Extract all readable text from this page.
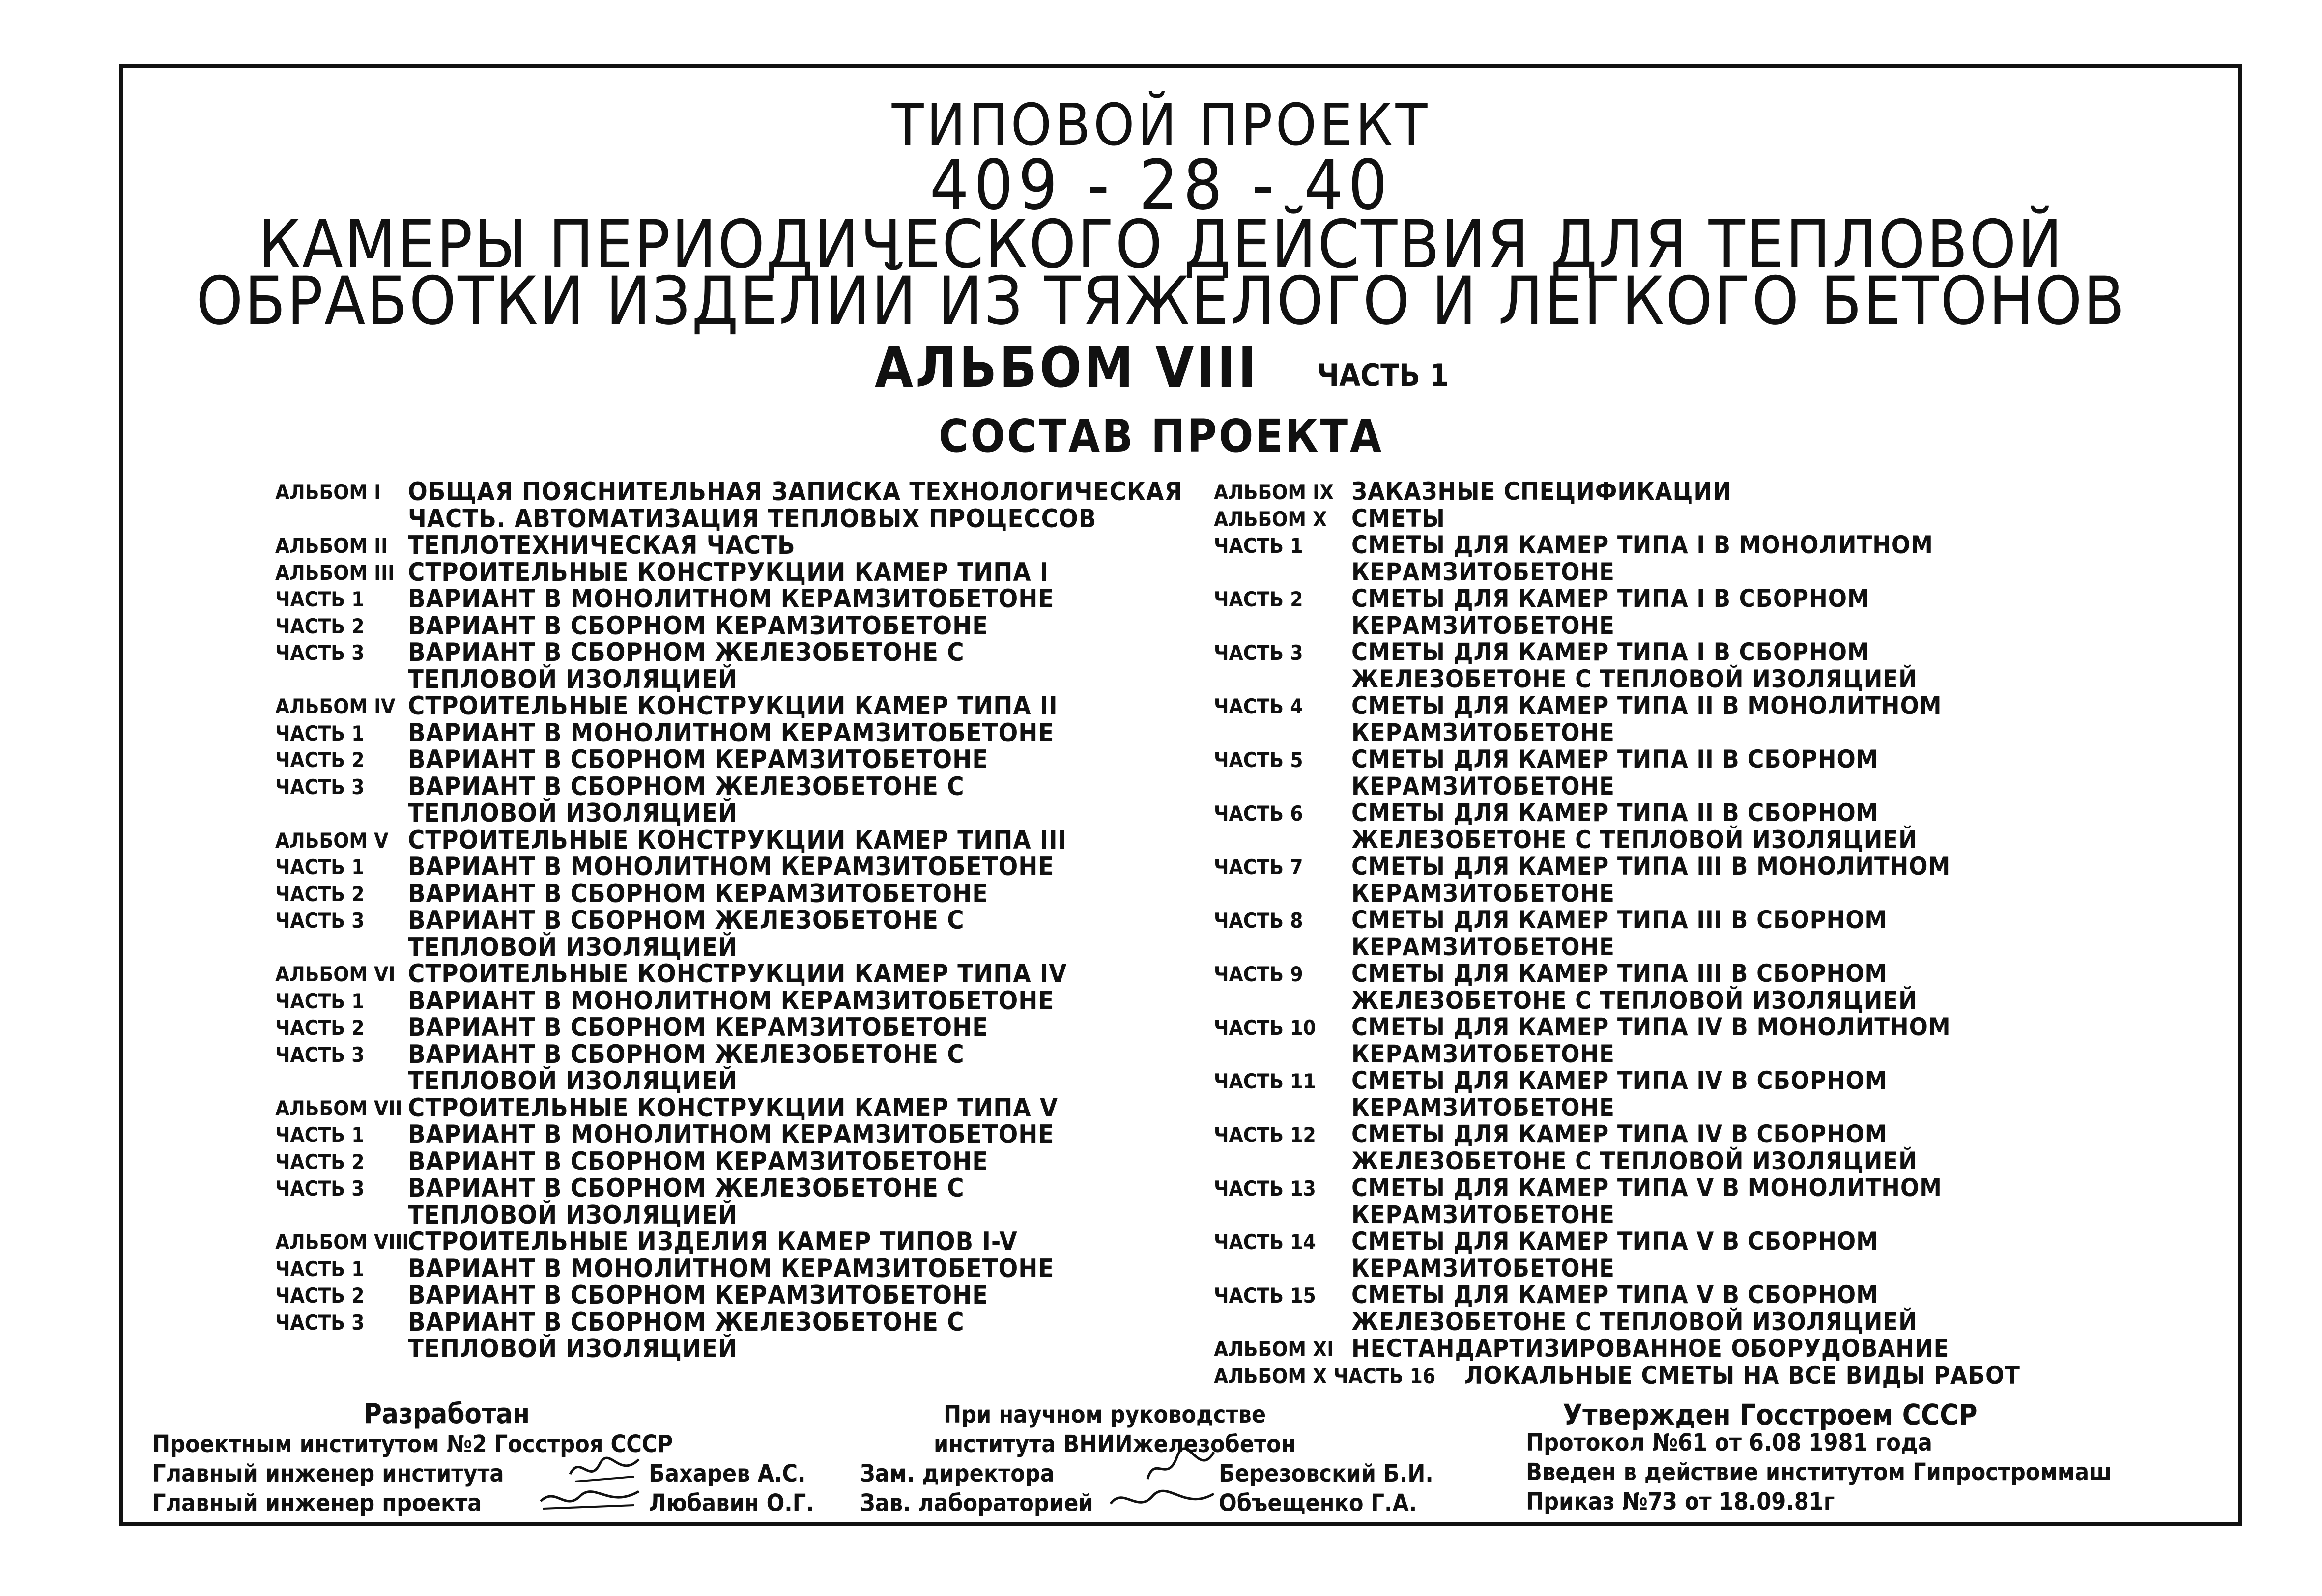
ТИПОВОЙ ПРОЕКТ
409 - 28 - 40
КАМЕРЫ ПЕРИОДИЧЕСКОГО ДЕЙСТВИЯ ДЛЯ ТЕПЛОВОЙ
ОБРАБОТКИ ИЗДЕЛИЙ ИЗ ТЯЖЕЛОГО И ЛЕГКОГО БЕТОНОВ
АЛЬБОМ VIII ЧАСТЬ 1
СОСТАВ ПРОЕКТА
АЛЬБОМ I ОБЩАЯ ПОЯСНИТЕЛЬНАЯ ЗАПИСКА ТЕХНОЛОГИЧЕСКАЯ
ЧАСТЬ. АВТОМАТИЗАЦИЯ ТЕПЛОВЫХ ПРОЦЕССОВ
АЛЬБОМ II ТЕПЛОТЕХНИЧЕСКАЯ ЧАСТЬ
АЛЬБОМ III СТРОИТЕЛЬНЫЕ КОНСТРУКЦИИ КАМЕР ТИПА I
ЧАСТЬ 1 ВАРИАНТ В МОНОЛИТНОМ КЕРАМЗИТОБЕТОНЕ
ЧАСТЬ 2 ВАРИАНТ В СБОРНОМ КЕРАМЗИТОБЕТОНЕ
ЧАСТЬ 3 ВАРИАНТ В СБОРНОМ ЖЕЛЕЗОБЕТОНЕ С
ТЕПЛОВОЙ ИЗОЛЯЦИЕЙ
АЛЬБОМ IV СТРОИТЕЛЬНЫЕ КОНСТРУКЦИИ КАМЕР ТИПА II
ЧАСТЬ 1 ВАРИАНТ В МОНОЛИТНОМ КЕРАМЗИТОБЕТОНЕ
ЧАСТЬ 2 ВАРИАНТ В СБОРНОМ КЕРАМЗИТОБЕТОНЕ
ЧАСТЬ 3 ВАРИАНТ В СБОРНОМ ЖЕЛЕЗОБЕТОНЕ С
ТЕПЛОВОЙ ИЗОЛЯЦИЕЙ
АЛЬБОМ V СТРОИТЕЛЬНЫЕ КОНСТРУКЦИИ КАМЕР ТИПА III
ЧАСТЬ 1 ВАРИАНТ В МОНОЛИТНОМ КЕРАМЗИТОБЕТОНЕ
ЧАСТЬ 2 ВАРИАНТ В СБОРНОМ КЕРАМЗИТОБЕТОНЕ
ЧАСТЬ 3 ВАРИАНТ В СБОРНОМ ЖЕЛЕЗОБЕТОНЕ С
ТЕПЛОВОЙ ИЗОЛЯЦИЕЙ
АЛЬБОМ VI СТРОИТЕЛЬНЫЕ КОНСТРУКЦИИ КАМЕР ТИПА IV
ЧАСТЬ 1 ВАРИАНТ В МОНОЛИТНОМ КЕРАМЗИТОБЕТОНЕ
ЧАСТЬ 2 ВАРИАНТ В СБОРНОМ КЕРАМЗИТОБЕТОНЕ
ЧАСТЬ 3 ВАРИАНТ В СБОРНОМ ЖЕЛЕЗОБЕТОНЕ С
ТЕПЛОВОЙ ИЗОЛЯЦИЕЙ
АЛЬБОМ VII СТРОИТЕЛЬНЫЕ КОНСТРУКЦИИ КАМЕР ТИПА V
ЧАСТЬ 1 ВАРИАНТ В МОНОЛИТНОМ КЕРАМЗИТОБЕТОНЕ
ЧАСТЬ 2 ВАРИАНТ В СБОРНОМ КЕРАМЗИТОБЕТОНЕ
ЧАСТЬ 3 ВАРИАНТ В СБОРНОМ ЖЕЛЕЗОБЕТОНЕ С
ТЕПЛОВОЙ ИЗОЛЯЦИЕЙ
АЛЬБОМ VIII
СТРОИТЕЛЬНЫЕ ИЗДЕЛИЯ КАМЕР ТИПОВ I-V
ЧАСТЬ 1 ВАРИАНТ В МОНОЛИТНОМ КЕРАМЗИТОБЕТОНЕ
ЧАСТЬ 2 ВАРИАНТ В СБОРНОМ КЕРАМЗИТОБЕТОНЕ
ЧАСТЬ 3 ВАРИАНТ В СБОРНОМ ЖЕЛЕЗОБЕТОНЕ С
ТЕПЛОВОЙ ИЗОЛЯЦИЕЙ
АЛЬБОМ IX ЗАКАЗНЫЕ СПЕЦИФИКАЦИИ
АЛЬБОМ X СМЕТЫ
ЧАСТЬ 1 СМЕТЫ ДЛЯ КАМЕР ТИПА I В МОНОЛИТНОМ
КЕРАМЗИТОБЕТОНЕ
ЧАСТЬ 2 СМЕТЫ ДЛЯ КАМЕР ТИПА I В СБОРНОМ
КЕРАМЗИТОБЕТОНЕ
ЧАСТЬ 3 СМЕТЫ ДЛЯ КАМЕР ТИПА I В СБОРНОМ
ЖЕЛЕЗОБЕТОНЕ С ТЕПЛОВОЙ ИЗОЛЯЦИЕЙ
ЧАСТЬ 4 СМЕТЫ ДЛЯ КАМЕР ТИПА II В МОНОЛИТНОМ
КЕРАМЗИТОБЕТОНЕ
ЧАСТЬ 5 СМЕТЫ ДЛЯ КАМЕР ТИПА II В СБОРНОМ
КЕРАМЗИТОБЕТОНЕ
ЧАСТЬ 6 СМЕТЫ ДЛЯ КАМЕР ТИПА II В СБОРНОМ
ЖЕЛЕЗОБЕТОНЕ С ТЕПЛОВОЙ ИЗОЛЯЦИЕЙ
ЧАСТЬ 7 СМЕТЫ ДЛЯ КАМЕР ТИПА III В МОНОЛИТНОМ
КЕРАМЗИТОБЕТОНЕ
ЧАСТЬ 8 СМЕТЫ ДЛЯ КАМЕР ТИПА III В СБОРНОМ
КЕРАМЗИТОБЕТОНЕ
ЧАСТЬ 9 СМЕТЫ ДЛЯ КАМЕР ТИПА III В СБОРНОМ
ЖЕЛЕЗОБЕТОНЕ С ТЕПЛОВОЙ ИЗОЛЯЦИЕЙ
ЧАСТЬ 10 СМЕТЫ ДЛЯ КАМЕР ТИПА IV В МОНОЛИТНОМ
КЕРАМЗИТОБЕТОНЕ
ЧАСТЬ 11 СМЕТЫ ДЛЯ КАМЕР ТИПА IV В СБОРНОМ
КЕРАМЗИТОБЕТОНЕ
ЧАСТЬ 12 СМЕТЫ ДЛЯ КАМЕР ТИПА IV В СБОРНОМ
ЖЕЛЕЗОБЕТОНЕ С ТЕПЛОВОЙ ИЗОЛЯЦИЕЙ
ЧАСТЬ 13 СМЕТЫ ДЛЯ КАМЕР ТИПА V В МОНОЛИТНОМ
КЕРАМЗИТОБЕТОНЕ
ЧАСТЬ 14 СМЕТЫ ДЛЯ КАМЕР ТИПА V В СБОРНОМ
КЕРАМЗИТОБЕТОНЕ
ЧАСТЬ 15 СМЕТЫ ДЛЯ КАМЕР ТИПА V В СБОРНОМ
ЖЕЛЕЗОБЕТОНЕ С ТЕПЛОВОЙ ИЗОЛЯЦИЕЙ
АЛЬБОМ XI НЕСТАНДАРТИЗИРОВАННОЕ ОБОРУДОВАНИЕ
АЛЬБОМ X ЧАСТЬ 16 ЛОКАЛЬНЫЕ СМЕТЫ НА ВСЕ ВИДЫ РАБОТ
Разработан
Проектным институтом №2 Госстроя СССР
Главный инженер института	Бахарев А.С.
Главный инженер проекта	Любавин О.Г.
При научном руководстве
института ВНИИжелезобетон
Зам. директора	Березовский Б.И.
Зав. лабораторией	Объещенко Г.А.
Утвержден Госстроем СССР
Протокол №61 от 6.08 1981 года
Введен в действие институтом Гипростроммаш
Приказ №73 от 18.09.81г
